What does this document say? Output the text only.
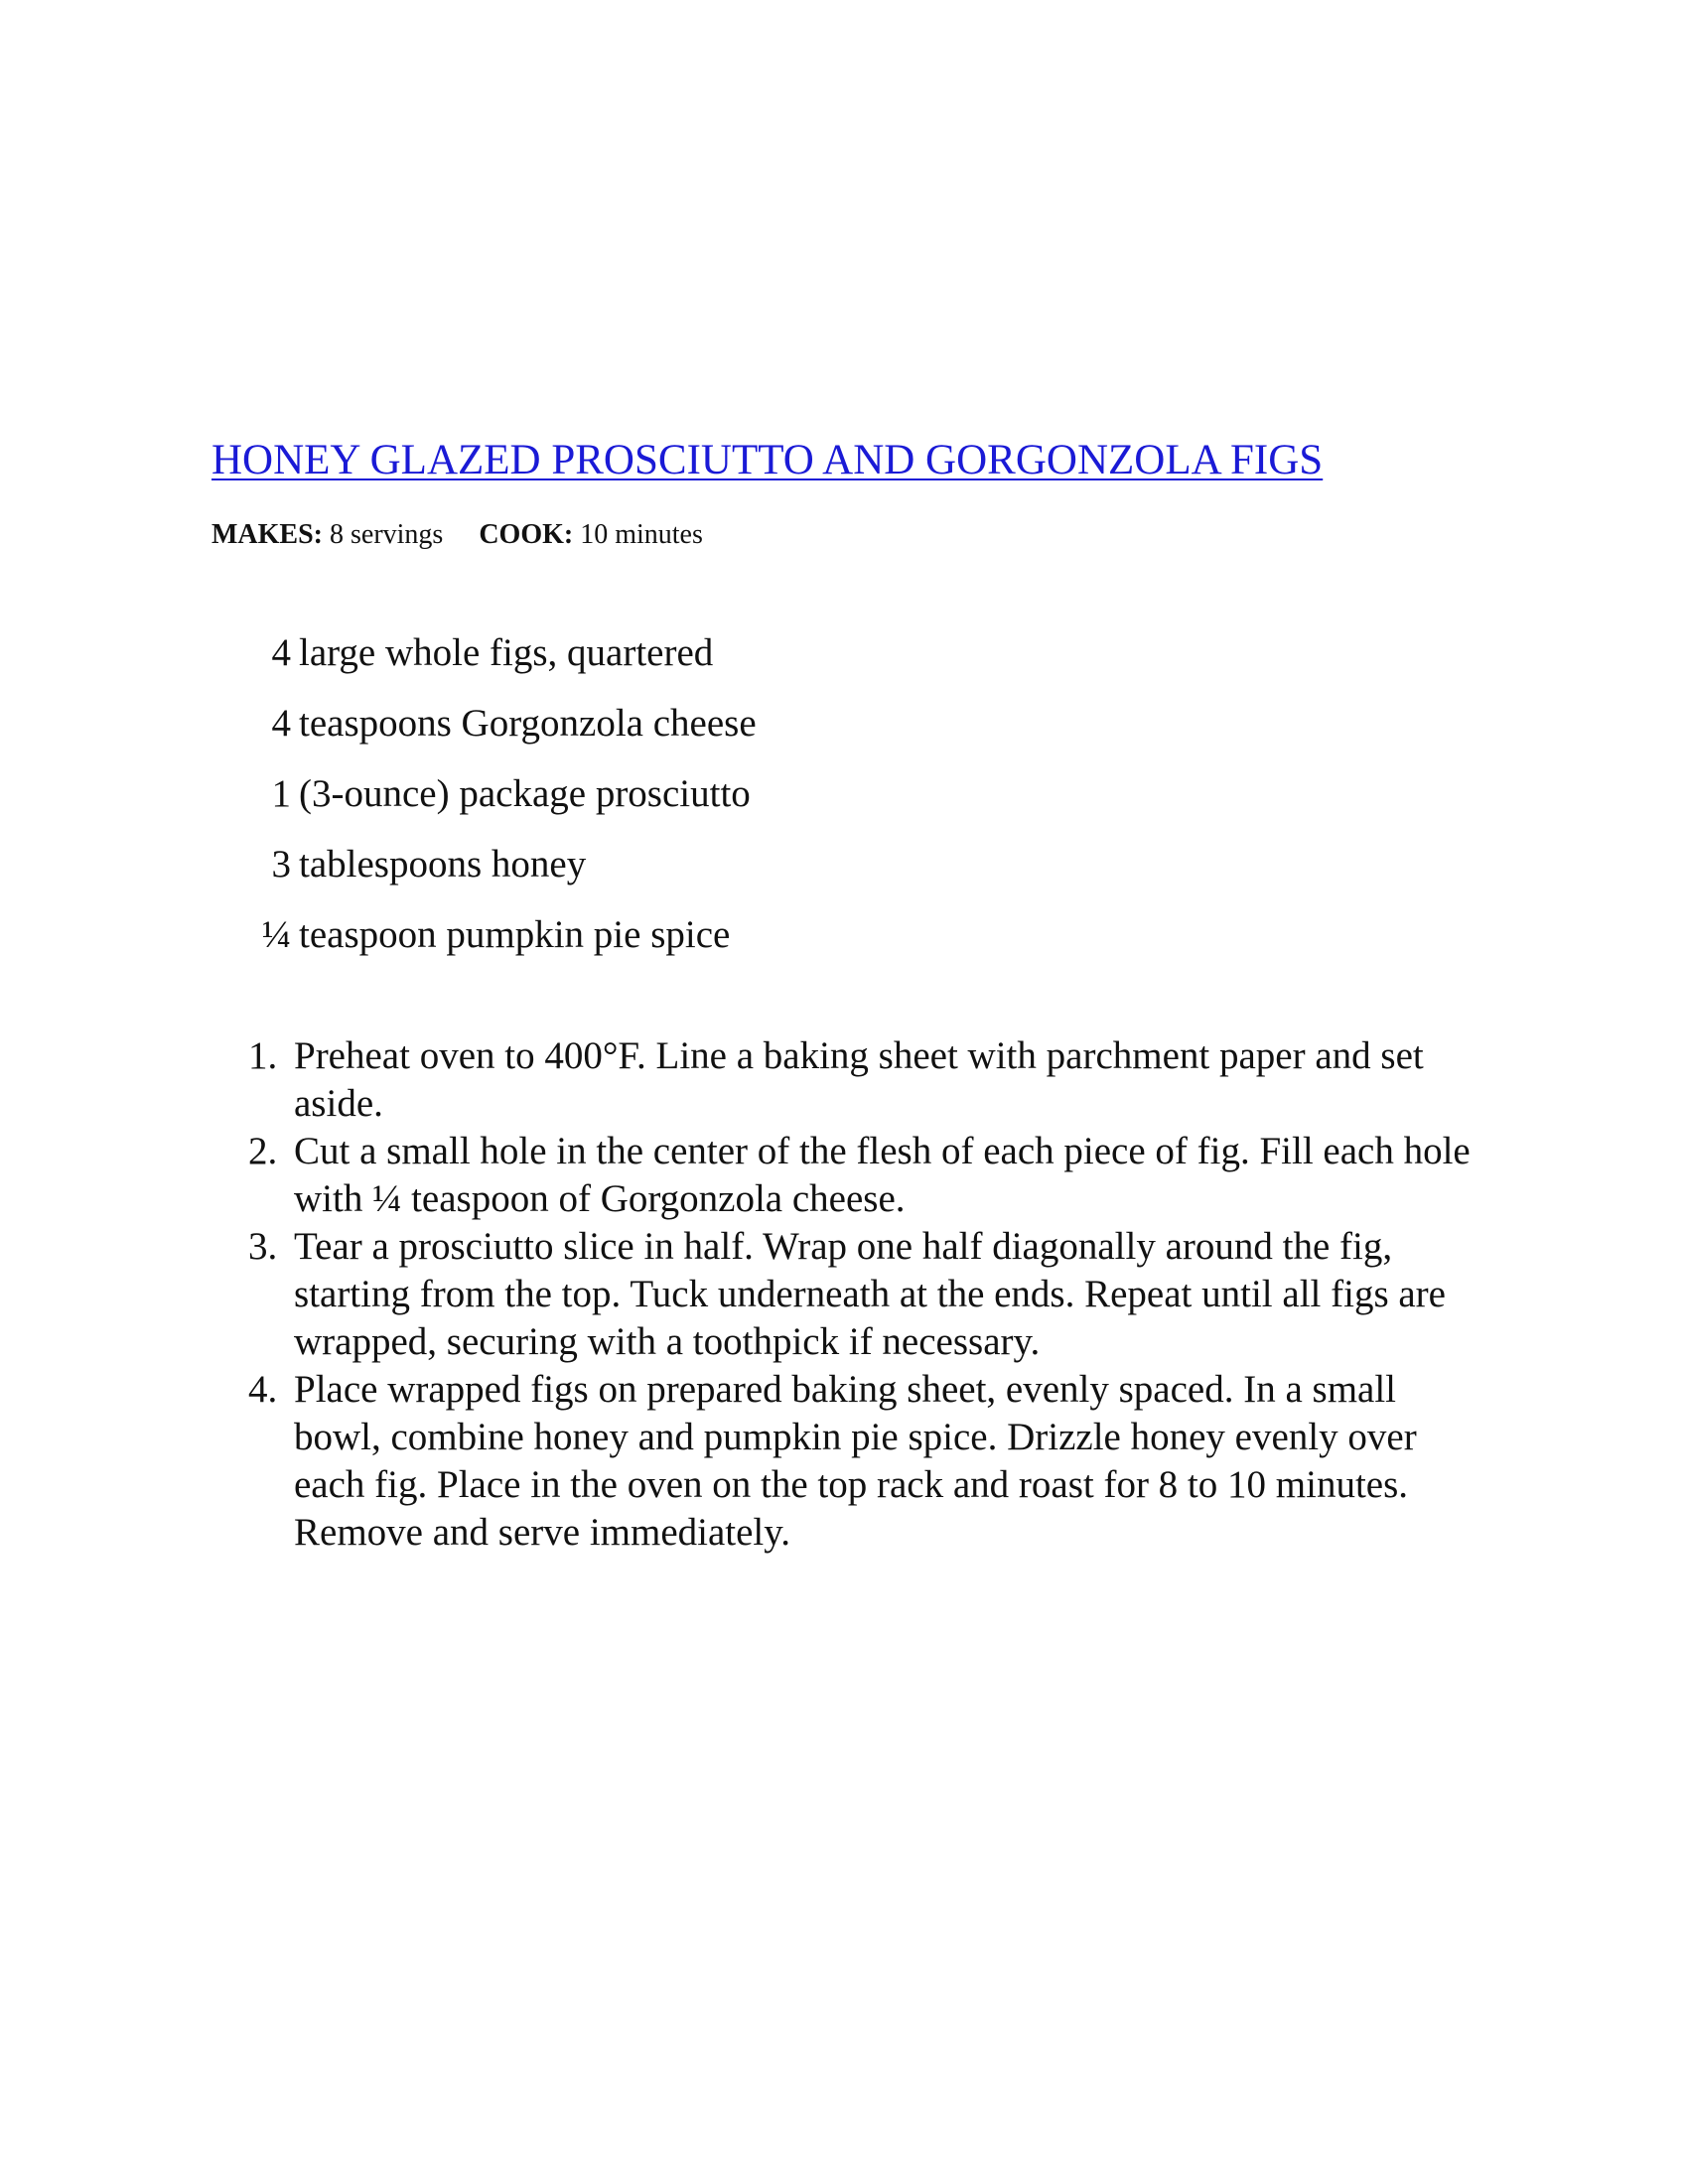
HONEY GLAZED PROSCIUTTO AND GORGONZOLA FIGS
MAKES: 8 servings COOK: 10 minutes
4 large whole figs, quartered
4 teaspoons Gorgonzola cheese
1 (3-ounce) package prosciutto
3 tablespoons honey
¼ teaspoon pumpkin pie spice
1. Preheat oven to 400°F. Line a baking sheet with parchment paper and set aside.
2. Cut a small hole in the center of the flesh of each piece of fig. Fill each hole with ¼ teaspoon of Gorgonzola cheese.
3. Tear a prosciutto slice in half. Wrap one half diagonally around the fig, starting from the top. Tuck underneath at the ends. Repeat until all figs are wrapped, securing with a toothpick if necessary.
4. Place wrapped figs on prepared baking sheet, evenly spaced. In a small bowl, combine honey and pumpkin pie spice. Drizzle honey evenly over each fig. Place in the oven on the top rack and roast for 8 to 10 minutes. Remove and serve immediately.
